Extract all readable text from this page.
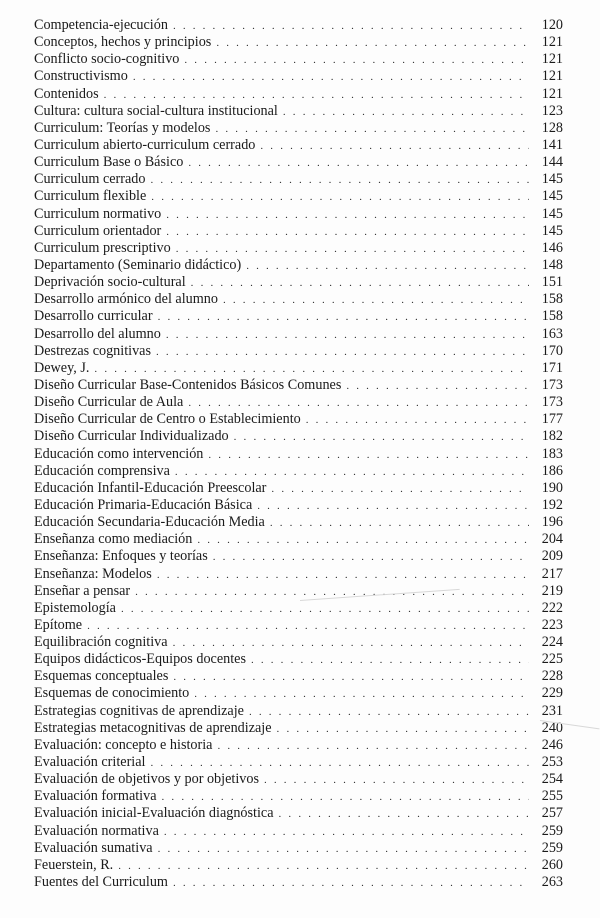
Competencia-ejecución . . .	120
Conceptos, hechos y principios . . .	121
Conflicto socio-cognitivo . . .	121
Constructivismo . . .	121
Contenidos . . .	121
Cultura: cultura social-cultura institucional . . .	123
Curriculum: Teorías y modelos . . .	128
Curriculum abierto-curriculum cerrado . . .	141
Curriculum Base o Básico . . .	144
Curriculum cerrado . . .	145
Curriculum flexible . . .	145
Curriculum normativo . . .	145
Curriculum orientador . . .	145
Curriculum prescriptivo . . .	146
Departamento (Seminario didáctico) . . .	148
Deprivación socio-cultural . . .	151
Desarrollo armónico del alumno . . .	158
Desarrollo curricular . . .	158
Desarrollo del alumno . . .	163
Destrezas cognitivas . . .	170
Dewey, J. . . .	171
Diseño Curricular Base-Contenidos Básicos Comunes . . .	173
Diseño Curricular de Aula . . .	173
Diseño Curricular de Centro o Establecimiento . . .	177
Diseño Curricular Individualizado . . .	182
Educación como intervención . . .	183
Educación comprensiva . . .	186
Educación Infantil-Educación Preescolar . . .	190
Educación Primaria-Educación Básica . . .	192
Educación Secundaria-Educación Media . . .	196
Enseñanza como mediación . . .	204
Enseñanza: Enfoques y teorías . . .	209
Enseñanza: Modelos . . .	217
Enseñar a pensar . . .	219
Epistemología . . .	222
Epítome . . .	223
Equilibración cognitiva . . .	224
Equipos didácticos-Equipos docentes . . .	225
Esquemas conceptuales . . .	228
Esquemas de conocimiento . . .	229
Estrategias cognitivas de aprendizaje . . .	231
Estrategias metacognitivas de aprendizaje . . .	240
Evaluación: concepto e historia . . .	246
Evaluación criterial . . .	253
Evaluación de objetivos y por objetivos . . .	254
Evaluación formativa . . .	255
Evaluación inicial-Evaluación diagnóstica . . .	257
Evaluación normativa . . .	259
Evaluación sumativa . . .	259
Feuerstein, R. . . .	260
Fuentes del Curriculum . . .	263
